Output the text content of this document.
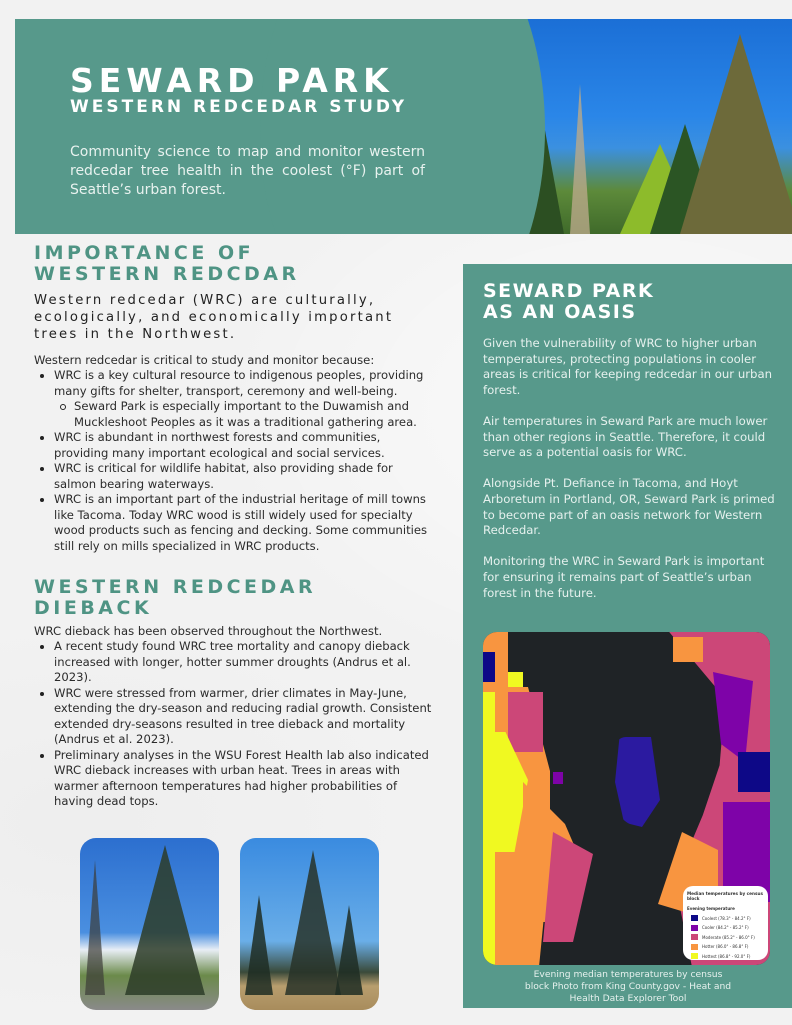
SEWARD PARK
WESTERN REDCEDAR STUDY
Community science to map and monitor western redcedar tree health in the coolest (°F) part of Seattle’s urban forest.
IMPORTANCE OF
WESTERN REDCDAR
Western redcedar (WRC) are culturally, ecologically, and economically important trees in the Northwest.
Western redcedar is critical to study and monitor because:
WRC is a key cultural resource to indigenous peoples, providing many gifts for shelter, transport, ceremony and well-being.
Seward Park is especially important to the Duwamish and Muckleshoot Peoples as it was a traditional gathering area.
WRC is abundant in northwest forests and communities, providing many important ecological and social services.
WRC is critical for wildlife habitat, also providing shade for salmon bearing waterways.
WRC is an important part of the industrial heritage of mill towns like Tacoma. Today WRC wood is still widely used for specialty wood products such as fencing and decking. Some communities still rely on mills specialized in WRC products.
WESTERN REDCEDAR
DIEBACK
WRC dieback has been observed throughout the Northwest.
A recent study found WRC tree mortality and canopy dieback increased with longer, hotter summer droughts (Andrus et al. 2023).
WRC were stressed from warmer, drier climates in May-June, extending the dry-season and reducing radial growth. Consistent extended dry-seasons resulted in tree dieback and mortality (Andrus et al. 2023).
Preliminary analyses in the WSU Forest Health lab also indicated WRC dieback increases with urban heat. Trees in areas with warmer afternoon temperatures had higher probabilities of having dead tops.
SEWARD PARK
AS AN OASIS

Given the vulnerability of WRC to higher urban temperatures, protecting populations in cooler areas is critical for keeping redcedar in our urban forest.

Air temperatures in Seward Park are much lower than other regions in Seattle. Therefore, it could serve as a potential oasis for WRC.

Alongside Pt. Defiance in Tacoma, and Hoyt Arboretum in Portland, OR, Seward Park is primed to become part of an oasis network for Western Redcedar.

Monitoring the WRC in Seward Park is important for ensuring it remains part of Seattle’s urban forest in the future.

Median temperatures by census block
Evening temperature
Coolest (78.3° - 84.2° F)
Cooler (84.2° - 85.2° F)
Moderate (85.2° - 86.0° F)
Hotter (86.0° - 86.8° F)
Hottest (86.8° - 92.0° F)
Evening median temperatures by census block Photo from King County.gov - Heat and Health Data Explorer Tool
